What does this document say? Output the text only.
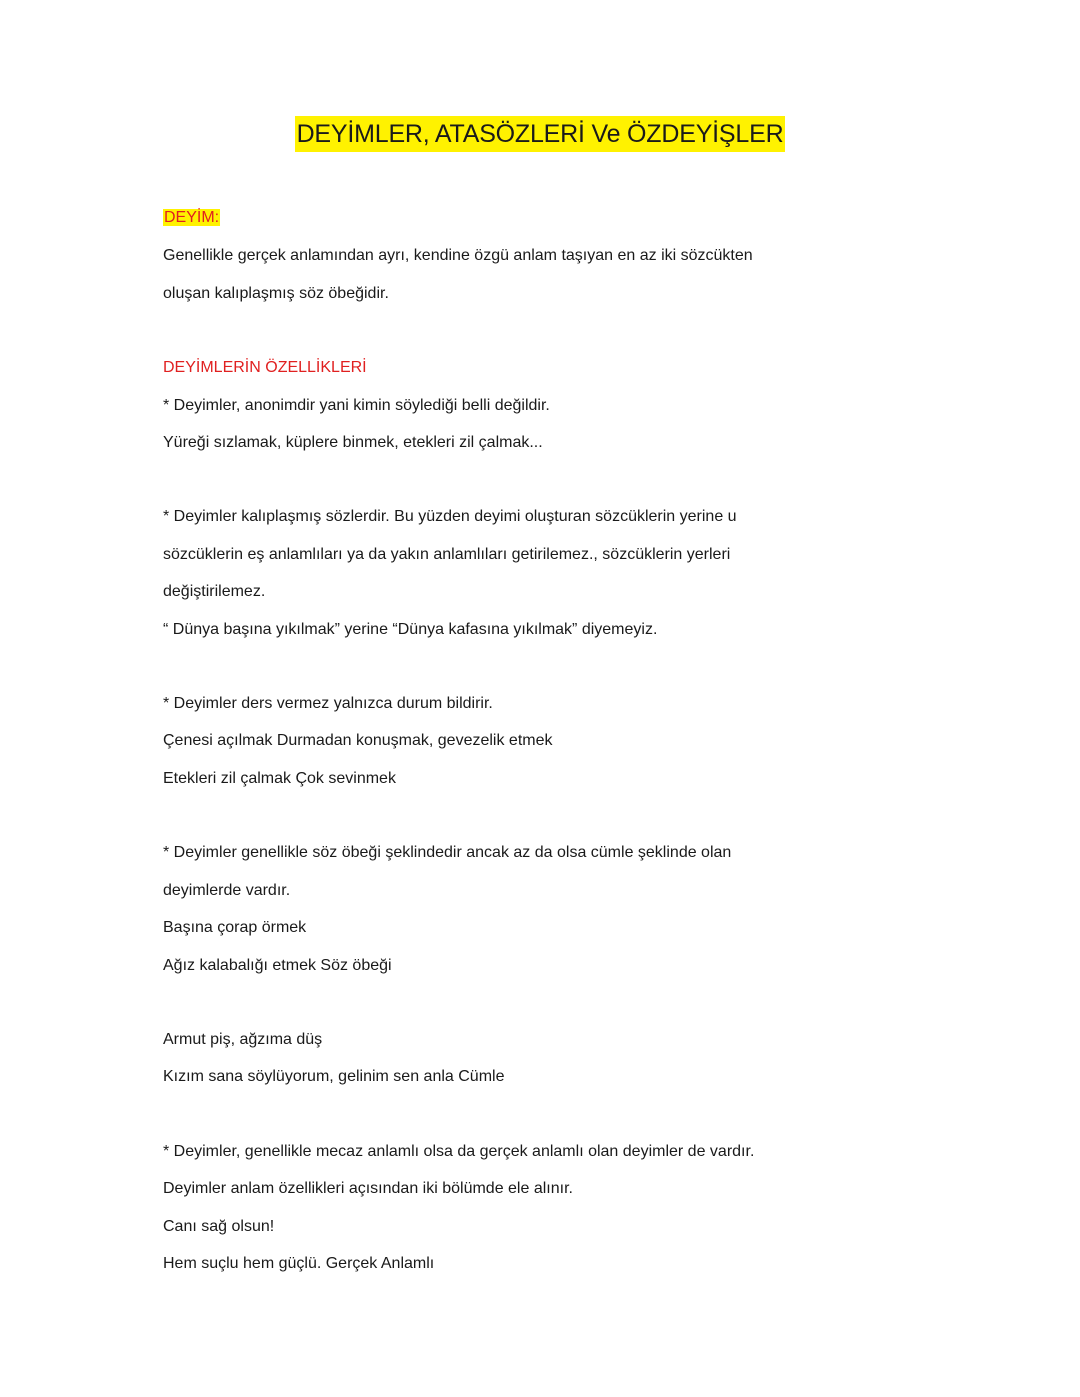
DEYİMLER, ATASÖZLERİ Ve ÖZDEYİŞLER
DEYİM:
Genellikle gerçek anlamından ayrı, kendine özgü anlam taşıyan en az iki sözcükten
oluşan kalıplaşmış söz öbeğidir.
DEYİMLERİN ÖZELLİKLERİ
* Deyimler, anonimdir yani kimin söylediği belli değildir.
Yüreği sızlamak, küplere binmek, etekleri zil çalmak...
* Deyimler kalıplaşmış sözlerdir. Bu yüzden deyimi oluşturan sözcüklerin yerine u
sözcüklerin eş anlamlıları ya da yakın anlamlıları getirilemez., sözcüklerin yerleri
değiştirilemez.
“ Dünya başına yıkılmak” yerine “Dünya kafasına yıkılmak” diyemeyiz.
* Deyimler ders vermez yalnızca durum bildirir.
Çenesi açılmak Durmadan konuşmak, gevezelik etmek
Etekleri zil çalmak Çok sevinmek
* Deyimler genellikle söz öbeği şeklindedir ancak az da olsa cümle şeklinde olan
deyimlerde vardır.
Başına çorap örmek
Ağız kalabalığı etmek Söz öbeği
Armut piş, ağzıma düş
Kızım sana söylüyorum, gelinim sen anla Cümle
* Deyimler, genellikle mecaz anlamlı olsa da gerçek anlamlı olan deyimler de vardır.
Deyimler anlam özellikleri açısından iki bölümde ele alınır.
Canı sağ olsun!
Hem suçlu hem güçlü. Gerçek Anlamlı
